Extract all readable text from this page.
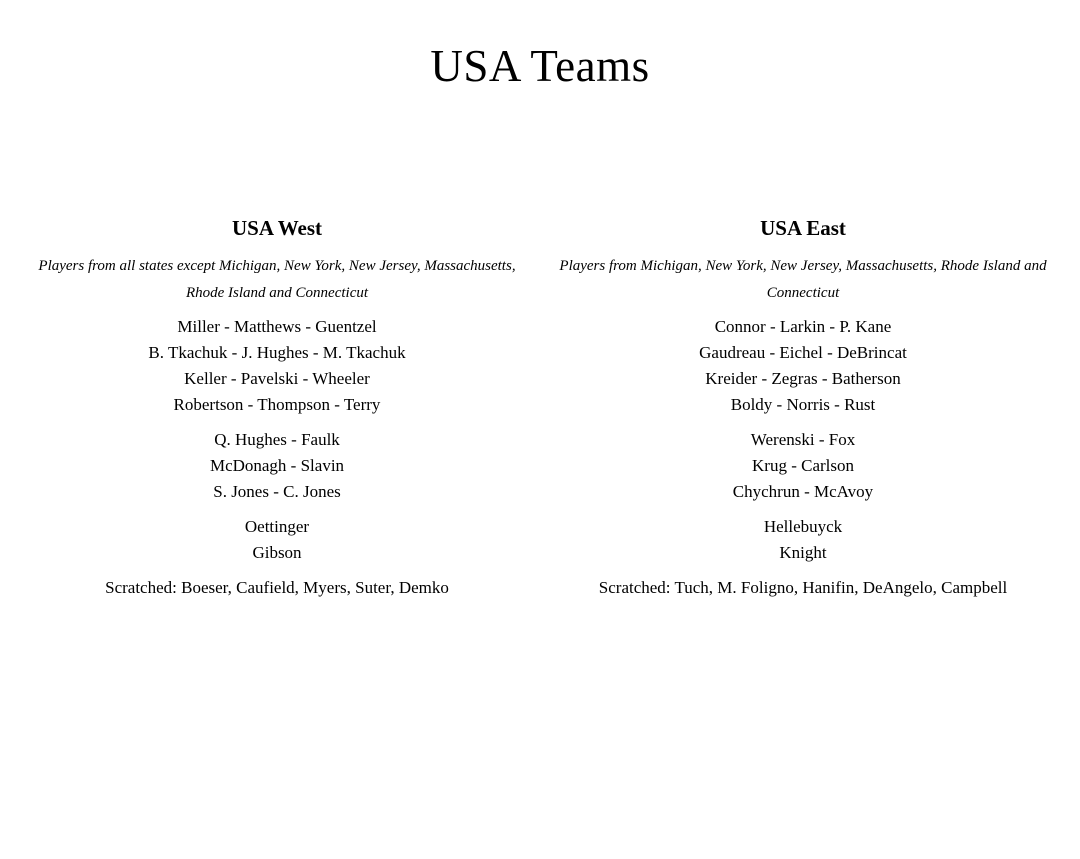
USA Teams
USA West

Players from all states except Michigan, New York, New Jersey, Massachusetts, Rhode Island and Connecticut

Miller - Matthews - Guentzel

B. Tkachuk - J. Hughes - M. Tkachuk

Keller - Pavelski - Wheeler

Robertson - Thompson - Terry

Q. Hughes - Faulk

McDonagh - Slavin

S. Jones - C. Jones

Oettinger

Gibson

Scratched: Boeser, Caufield, Myers, Suter, Demko

USA East

Players from Michigan, New York, New Jersey, Massachusetts, Rhode Island and Connecticut

Connor - Larkin - P. Kane

Gaudreau - Eichel - DeBrincat

Kreider - Zegras - Batherson

Boldy - Norris - Rust

Werenski - Fox

Krug - Carlson

Chychrun - McAvoy

Hellebuyck

Knight

Scratched: Tuch, M. Foligno, Hanifin, DeAngelo, Campbell
